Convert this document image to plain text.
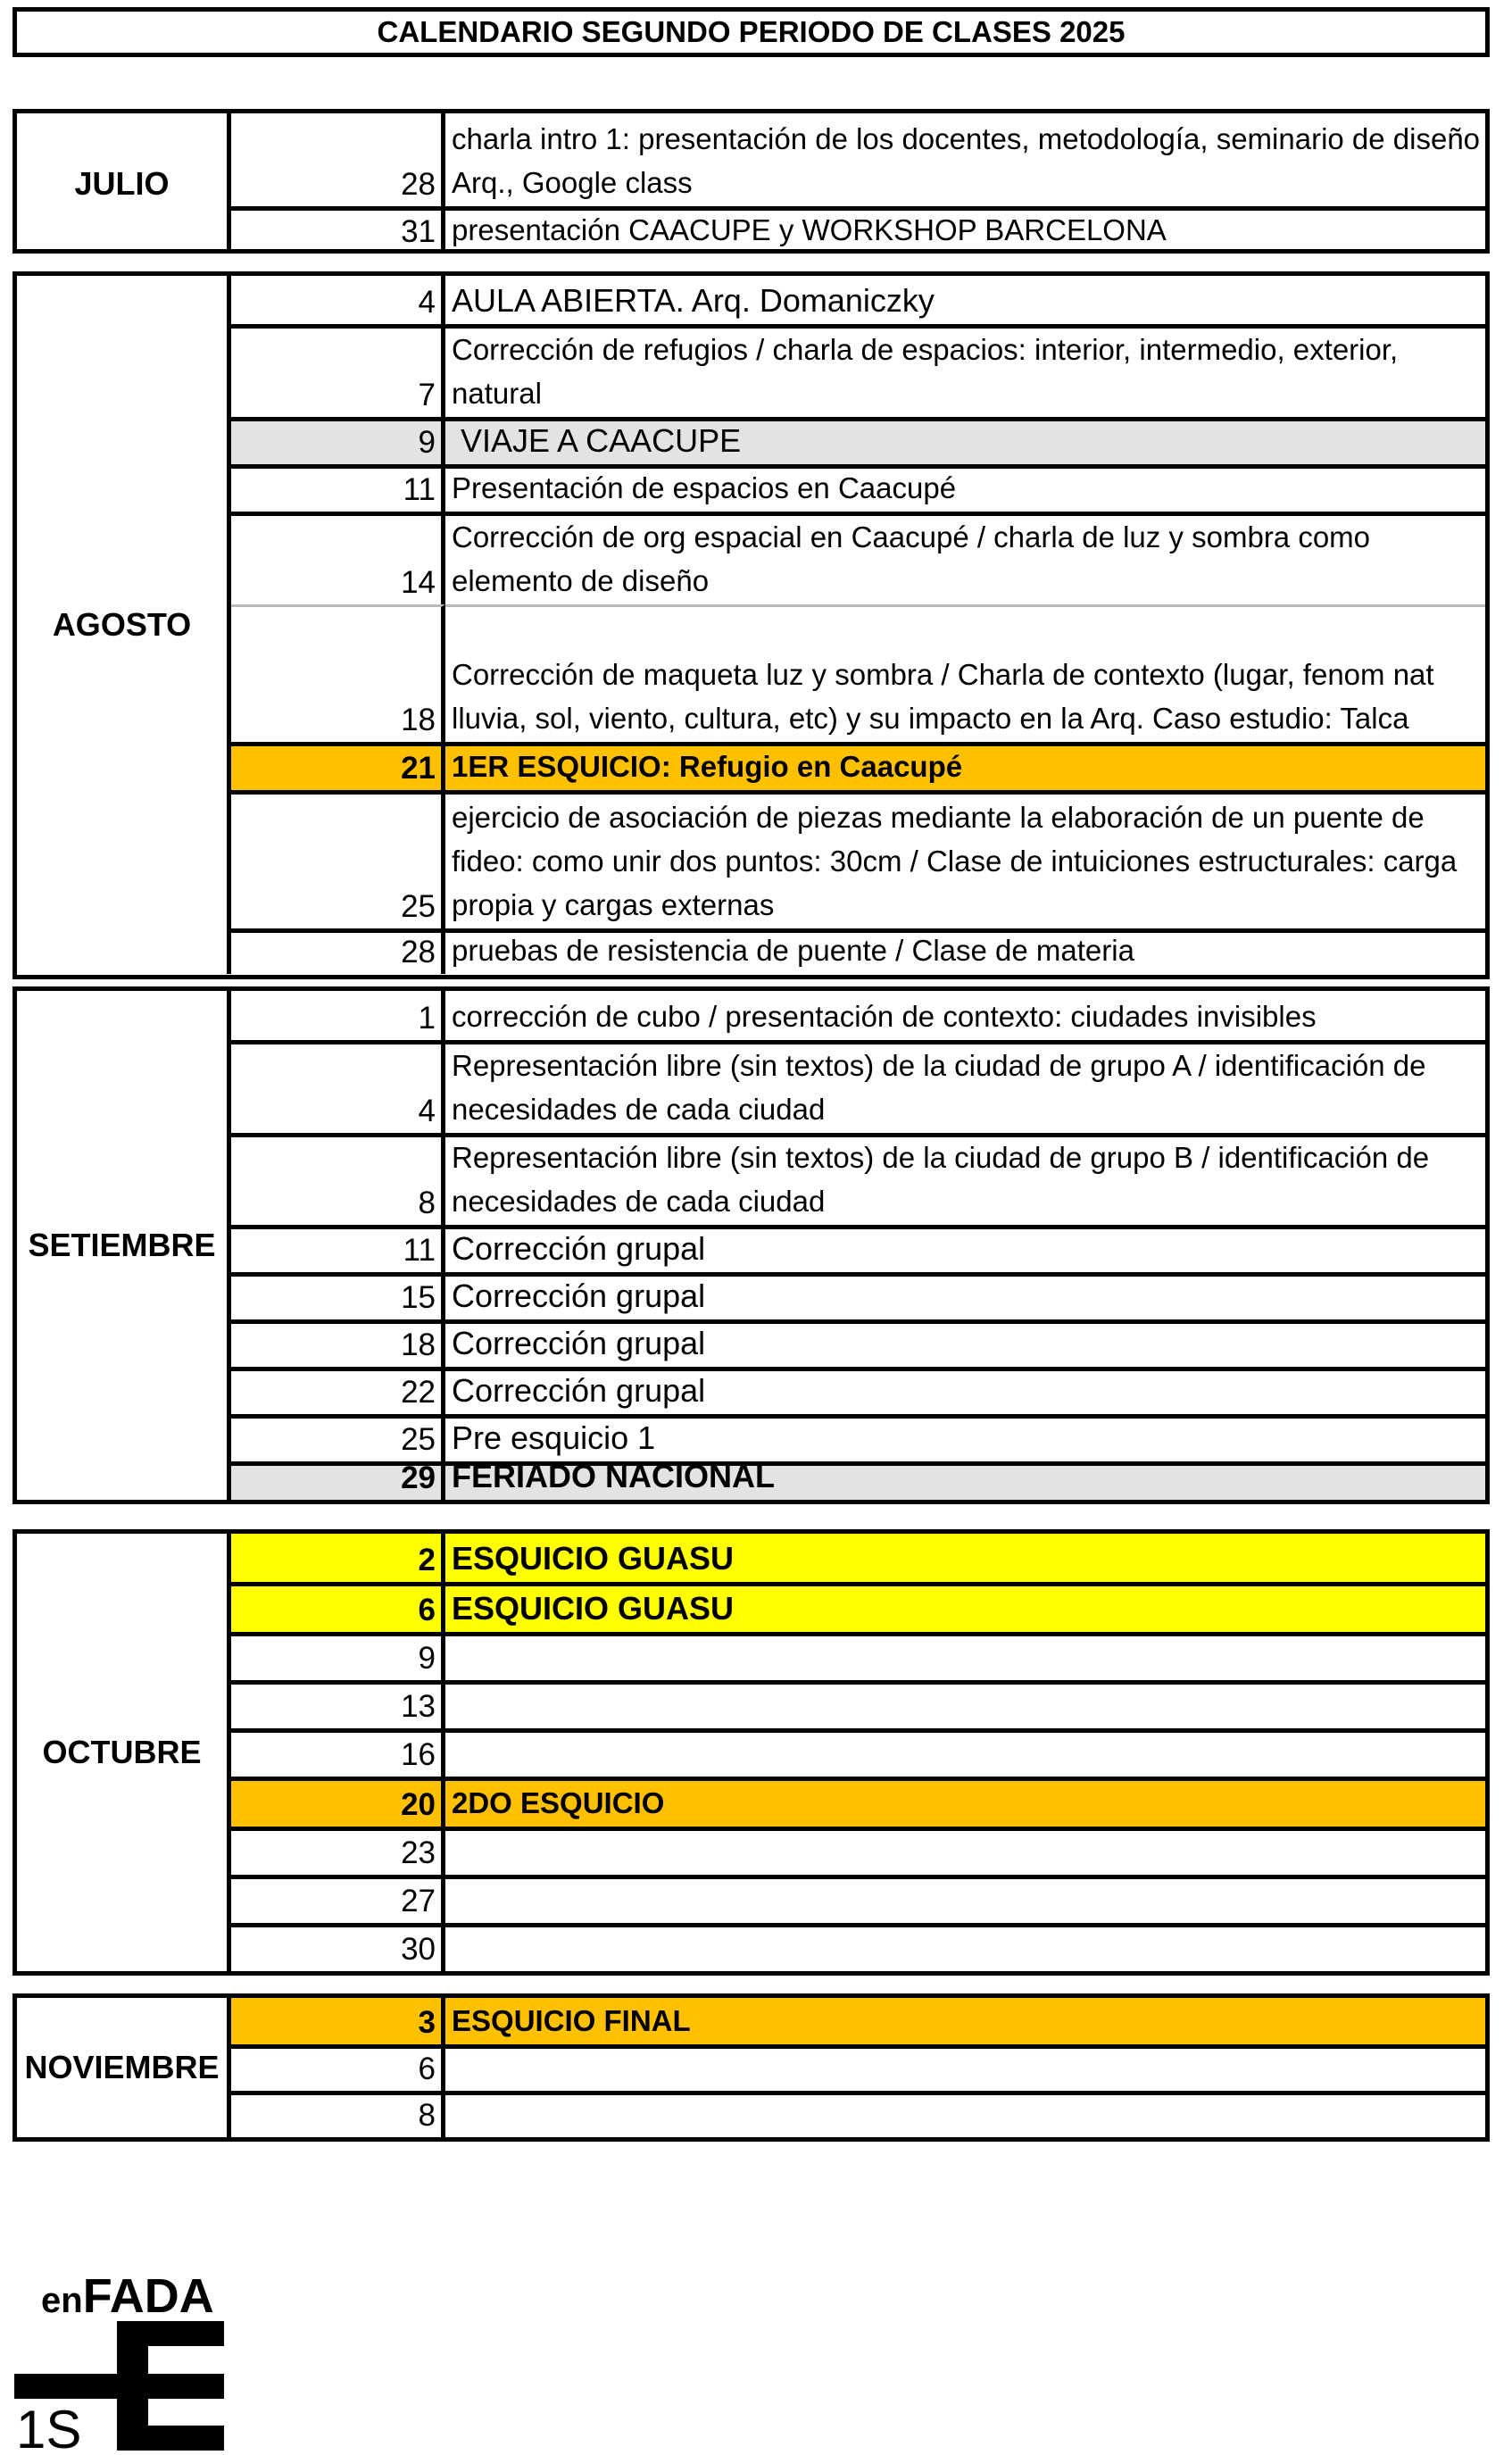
CALENDARIO SEGUNDO PERIODO DE CLASES 2025
JULIO	28
charla intro 1: presentación de los docentes, metodología, seminario de diseño Arq., Google class
31 presentación CAACUPE y WORKSHOP BARCELONA
AGOSTO
4 AULA ABIERTA. Arq. Domaniczky
7
Corrección de refugios / charla de espacios: interior, intermedio, exterior, natural
9 VIAJE A CAACUPE
11 Presentación de espacios en Caacupé
14
Corrección de org espacial en Caacupé / charla de luz y sombra como elemento de diseño
18
Corrección de maqueta luz y sombra / Charla de contexto (lugar, fenom nat lluvia, sol, viento, cultura, etc) y su impacto en la Arq. Caso estudio: Talca
21 1ER ESQUICIO: Refugio en Caacupé
25
ejercicio de asociación de piezas mediante la elaboración de un puente de fideo: como unir dos puntos: 30cm / Clase de intuiciones estructurales: carga propia y cargas externas
28 pruebas de resistencia de puente / Clase de materia
SETIEMBRE
1 corrección de cubo / presentación de contexto: ciudades invisibles
4
Representación libre (sin textos) de la ciudad de grupo A / identificación de necesidades de cada ciudad
8
Representación libre (sin textos) de la ciudad de grupo B / identificación de necesidades de cada ciudad
11 Corrección grupal
15 Corrección grupal
18 Corrección grupal
22 Corrección grupal
25 Pre esquicio 1
29 FERIADO NACIONAL
OCTUBRE
2 ESQUICIO GUASU
6 ESQUICIO GUASU
9
13
16
20 2DO ESQUICIO
23
27
30
NOVIEMBRE
3 ESQUICIO FINAL
6
8
enFADA
1S
